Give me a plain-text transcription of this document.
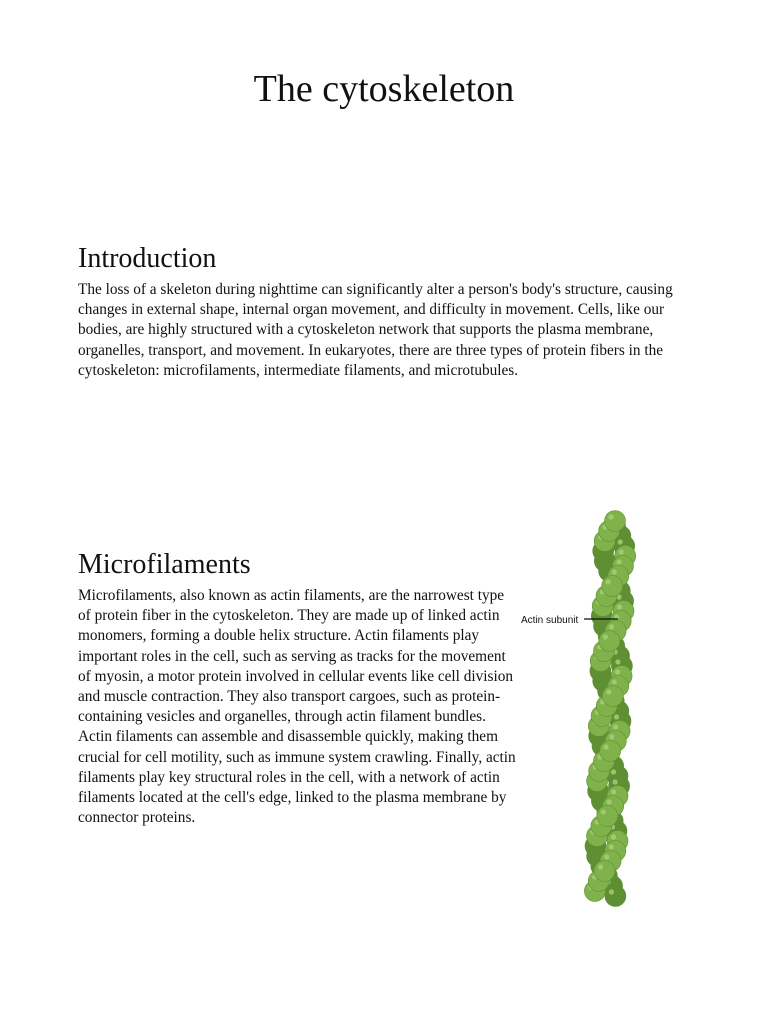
The cytoskeleton
Introduction

The loss of a skeleton during nighttime can significantly alter a person's body's structure, causing changes in external shape, internal organ movement, and difficulty in movement. Cells, like our bodies, are highly structured with a cytoskeleton network that supports the plasma membrane, organelles, transport, and movement. In eukaryotes, there are three types of protein fibers in the cytoskeleton: microfilaments, intermediate filaments, and microtubules.

Microfilaments

Microfilaments, also known as actin filaments, are the narrowest type of protein fiber in the cytoskeleton. They are made up of linked actin monomers, forming a double helix structure. Actin filaments play important roles in the cell, such as serving as tracks for the movement of myosin, a motor protein involved in cellular events like cell division and muscle contraction. They also transport cargoes, such as protein-containing vesicles and organelles, through actin filament bundles. Actin filaments can assemble and disassemble quickly, making them crucial for cell motility, such as immune system crawling. Finally, actin filaments play key structural roles in the cell, with a network of actin filaments located at the cell's edge, linked to the plasma membrane by connector proteins.

Actin subunit
